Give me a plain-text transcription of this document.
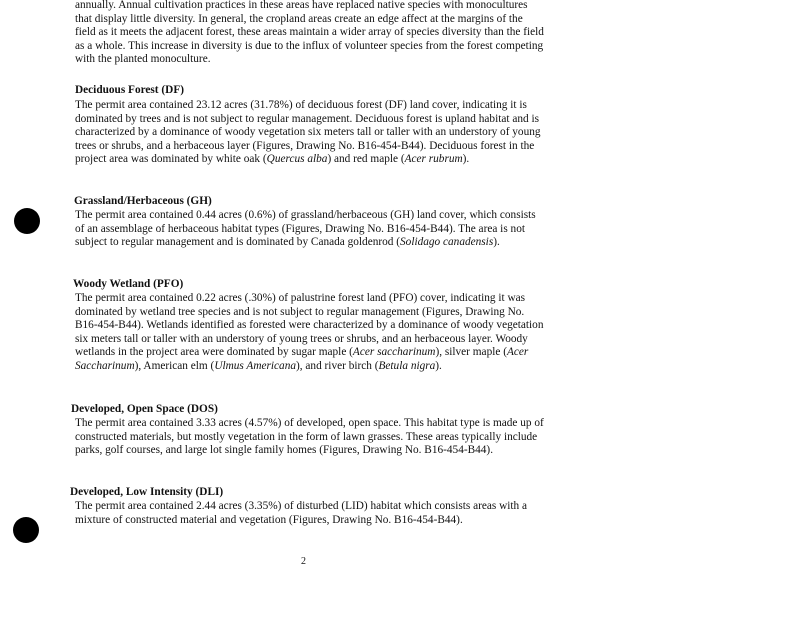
annually. Annual cultivation practices in these areas have replaced native species with monocultures that display little diversity. In general, the cropland areas create an edge affect at the margins of the field as it meets the adjacent forest, these areas maintain a wider array of species diversity than the field as a whole. This increase in diversity is due to the influx of volunteer species from the forest competing with the planted monoculture.

Deciduous Forest (DF)

The permit area contained 23.12 acres (31.78%) of deciduous forest (DF) land cover, indicating it is dominated by trees and is not subject to regular management. Deciduous forest is upland habitat and is characterized by a dominance of woody vegetation six meters tall or taller with an understory of young trees or shrubs, and a herbaceous layer (Figures, Drawing No. B16-454-B44). Deciduous forest in the project area was dominated by white oak (Quercus alba) and red maple (Acer rubrum).

Grassland/Herbaceous (GH)

The permit area contained 0.44 acres (0.6%) of grassland/herbaceous (GH) land cover, which consists of an assemblage of herbaceous habitat types (Figures, Drawing No. B16-454-B44). The area is not subject to regular management and is dominated by Canada goldenrod (Solidago canadensis).

Woody Wetland (PFO)

The permit area contained 0.22 acres (.30%) of palustrine forest land (PFO) cover, indicating it was dominated by wetland tree species and is not subject to regular management (Figures, Drawing No. B16-454-B44). Wetlands identified as forested were characterized by a dominance of woody vegetation six meters tall or taller with an understory of young trees or shrubs, and an herbaceous layer. Woody wetlands in the project area were dominated by sugar maple (Acer saccharinum), silver maple (Acer Saccharinum), American elm (Ulmus Americana), and river birch (Betula nigra).

Developed, Open Space (DOS)

The permit area contained 3.33 acres (4.57%) of developed, open space. This habitat type is made up of constructed materials, but mostly vegetation in the form of lawn grasses. These areas typically include parks, golf courses, and large lot single family homes (Figures, Drawing No. B16-454-B44).

Developed, Low Intensity (DLI)

The permit area contained 2.44 acres (3.35%) of disturbed (LID) habitat which consists areas with a mixture of constructed material and vegetation (Figures, Drawing No. B16-454-B44).

2
